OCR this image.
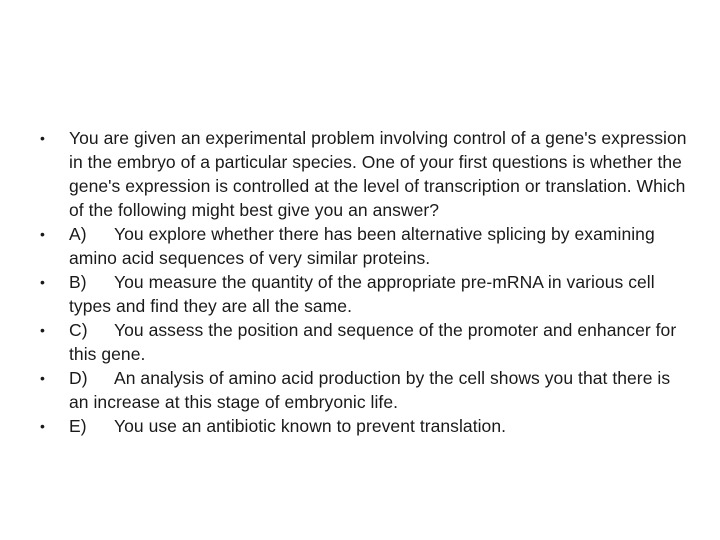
•	You are given an experimental problem involving control of a gene's expression in the embryo of a particular species. One of your first questions is whether the gene's expression is controlled at the level of transcription or translation. Which of the following might best give you an answer?
•	A) You explore whether there has been alternative splicing by examining amino acid sequences of very similar proteins.
•	B) You measure the quantity of the appropriate pre-mRNA in various cell types and find they are all the same.
•	C) You assess the position and sequence of the promoter and enhancer for this gene.
•	D) An analysis of amino acid production by the cell shows you that there is an increase at this stage of embryonic life.
•	E) You use an antibiotic known to prevent translation.
